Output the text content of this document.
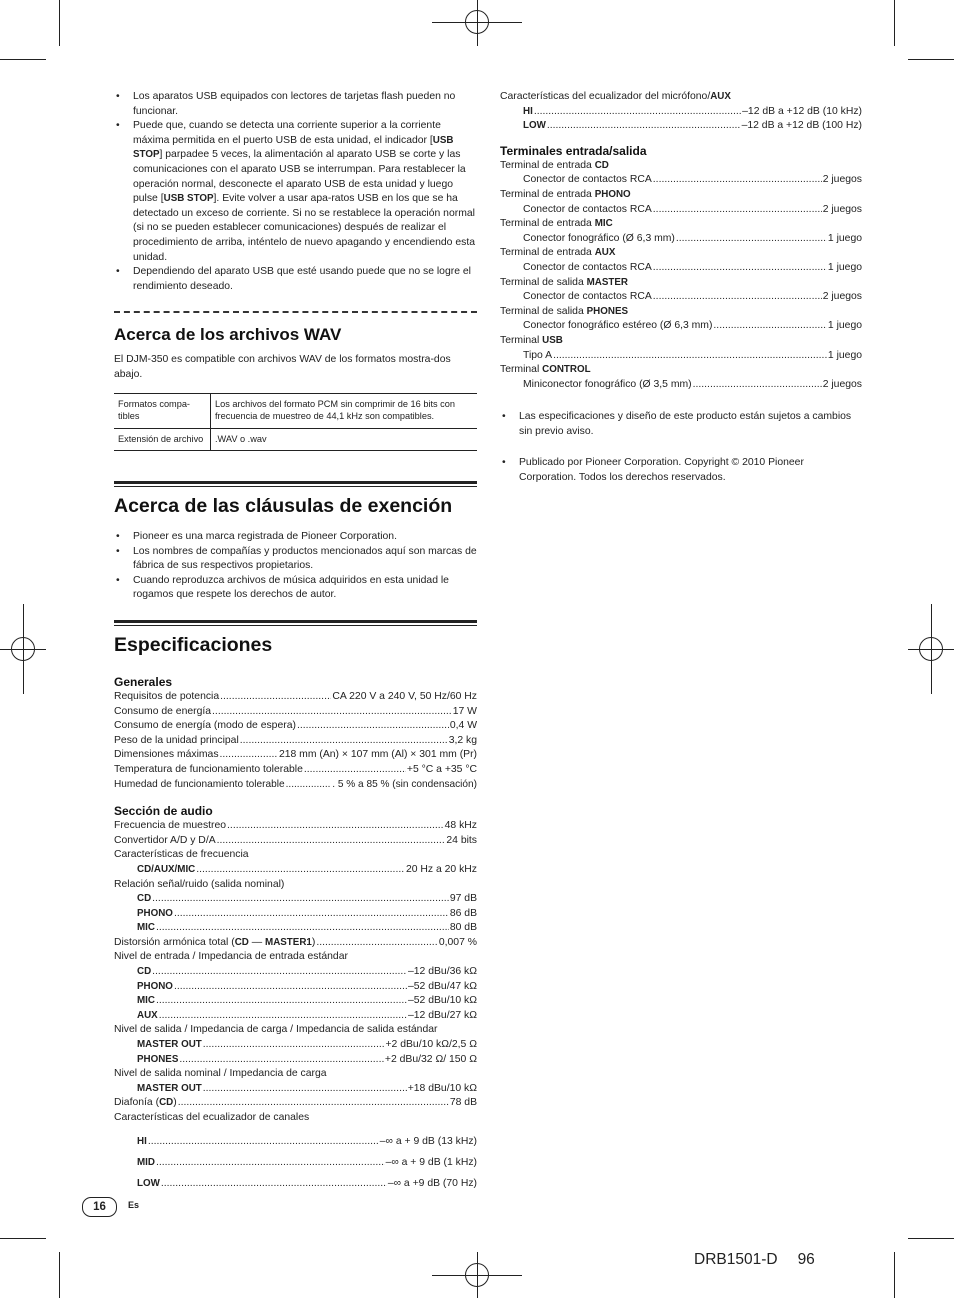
• Los aparatos USB equipados con lectores de tarjetas flash pueden no funcionar.
• Puede que, cuando se detecta una corriente superior a la corriente máxima permitida en el puerto USB de esta unidad, el indicador [USB STOP] parpadee 5 veces, la alimentación al aparato USB se corte y las comunicaciones con el aparato USB se interrumpan. Para restablecer la operación normal, desconecte el aparato USB de esta unidad y luego pulse [USB STOP]. Evite volver a usar apa-ratos USB en los que se ha detectado un exceso de corriente. Si no se restablece la operación normal (si no se pueden establecer comunicaciones) después de realizar el procedimiento de arriba, inténtelo de nuevo apagando y encendiendo esta unidad.
• Dependiendo del aparato USB que esté usando puede que no se logre el rendimiento deseado.
Acerca de los archivos WAV

El DJM-350 es compatible con archivos WAV de los formatos mostra-dos abajo.

Formatos compa-tibles	Los archivos del formato PCM sin comprimir de 16 bits con frecuencia de muestreo de 44,1 kHz son compatibles.
Extensión de archivo	.WAV o .wav
Acerca de las cláusulas de exención
• Pioneer es una marca registrada de Pioneer Corporation.
• Los nombres de compañías y productos mencionados aquí son marcas de fábrica de sus respectivos propietarios.
• Cuando reproduzca archivos de música adquiridos en esta unidad le rogamos que respete los derechos de autor.
Especificaciones
Generales
Requisitos de potencia .....	CA 220 V a 240 V, 50 Hz/60 Hz
Consumo de energía .....	17 W
Consumo de energía (modo de espera) .....	0,4 W
Peso de la unidad principal .....	3,2 kg
Dimensiones máximas .....	218 mm (An) × 107 mm (Al) × 301 mm (Pr)
Temperatura de funcionamiento tolerable .....	+5 °C a +35 °C
Humedad de funcionamiento tolerable .....	. 5 % a 85 % (sin condensación)
Sección de audio
Frecuencia de muestreo .....	48 kHz
Convertidor A/D y D/A .....	24 bits
Características de frecuencia
CD/AUX/MIC .....	20 Hz a 20 kHz
Relación señal/ruido (salida nominal)
CD .....	97 dB
PHONO .....	86 dB
MIC .....	80 dB
Distorsión armónica total (CD — MASTER1) .....	0,007 %
Nivel de entrada / Impedancia de entrada estándar
CD .....	–12 dBu/36 kΩ
PHONO .....	–52 dBu/47 kΩ
MIC .....	–52 dBu/10 kΩ
AUX .....	–12 dBu/27 kΩ
Nivel de salida / Impedancia de carga / Impedancia de salida estándar
MASTER OUT .....	+2 dBu/10 kΩ/2,5 Ω
PHONES .....	+2 dBu/32 Ω/ 150 Ω
Nivel de salida nominal / Impedancia de carga
MASTER OUT .....	+18 dBu/10 kΩ
Diafonía (CD) .....	78 dB
Características del ecualizador de canales
HI .....	–∞ a + 9 dB (13 kHz)
MID .....	–∞ a + 9 dB (1 kHz)
LOW .....	–∞ a +9 dB (70 Hz)
Características del ecualizador del micrófono/AUX
HI .....	–12 dB a +12 dB (10 kHz)
LOW .....	–12 dB a +12 dB (100 Hz)
Terminales entrada/salida
Terminal de entrada CD
Conector de contactos RCA .....	2 juegos
Terminal de entrada PHONO
Conector de contactos RCA .....	2 juegos
Terminal de entrada MIC
Conector fonográfico (Ø 6,3 mm) .....	1 juego
Terminal de entrada AUX
Conector de contactos RCA .....	1 juego
Terminal de salida MASTER
Conector de contactos RCA .....	2 juegos
Terminal de salida PHONES
Conector fonográfico estéreo (Ø 6,3 mm) .....	1 juego
Terminal USB
Tipo A .....	1 juego
Terminal CONTROL
Miniconector fonográfico (Ø 3,5 mm) .....	2 juegos
• Las especificaciones y diseño de este producto están sujetos a cambios sin previo aviso.
• Publicado por Pioneer Corporation. Copyright © 2010 Pioneer Corporation. Todos los derechos reservados.
16	Es
DRB1501-D 96
